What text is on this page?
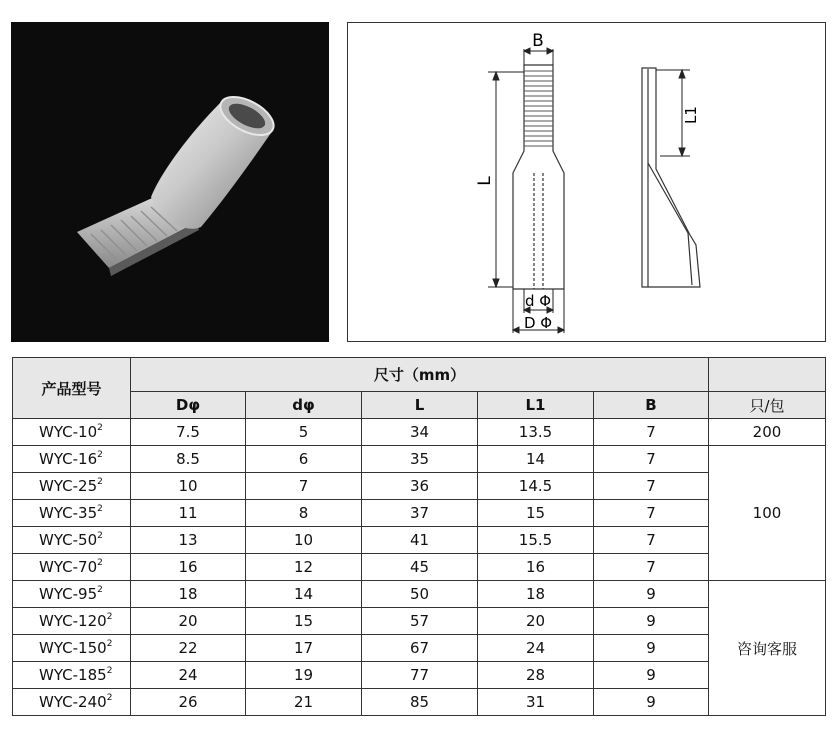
B
L
d Φ
D Φ
L1
产品型号	尺寸（mm）					
	Dφ	dφ	L	L1	B	只/包
WYC-$10^2$	7.5	5	34	13.5	7	200
WYC-$16^2$	8.5	6	35	14	7	100
WYC-$25^2$	10	7	36	14.5	7	
WYC-$35^2$	11	8	37	15	7	
WYC-$50^2$	13	10	41	15.5	7	
WYC-$70^2$	16	12	45	16	7	
WYC-$95^2$	18	14	50	18	9	咨询客服
WYC-$120^2$	20	15	57	20	9	
WYC-$150^2$	22	17	67	24	9	
WYC-$185^2$	24	19	77	28	9	
WYC-$240^2$	26	21	85	31	9	
